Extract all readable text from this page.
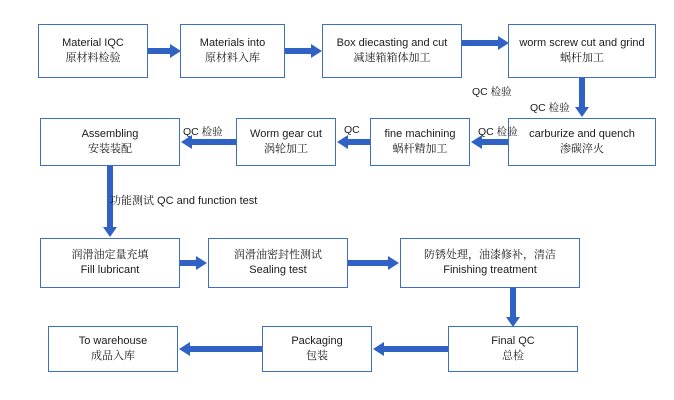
Material IQC
原材料检验
Materials into
原材料入库
Box diecasting and cut
减速箱箱体加工
worm screw cut and grind
蜗杆加工
carburize and quench
渗碳淬火
fine machining
蜗杆精加工
Worm gear cut
涡轮加工
Assembling
安装装配
润滑油定量充填
Fill lubricant
润滑油密封性测试
Sealing test
防锈处理，油漆修补，清洁
Finishing treatment
Final QC
总检
Packaging
包装
To warehouse
成品入库
QC 检验
QC 检验
QC 检验
QC
QC 检验
功能测试 QC and function test
